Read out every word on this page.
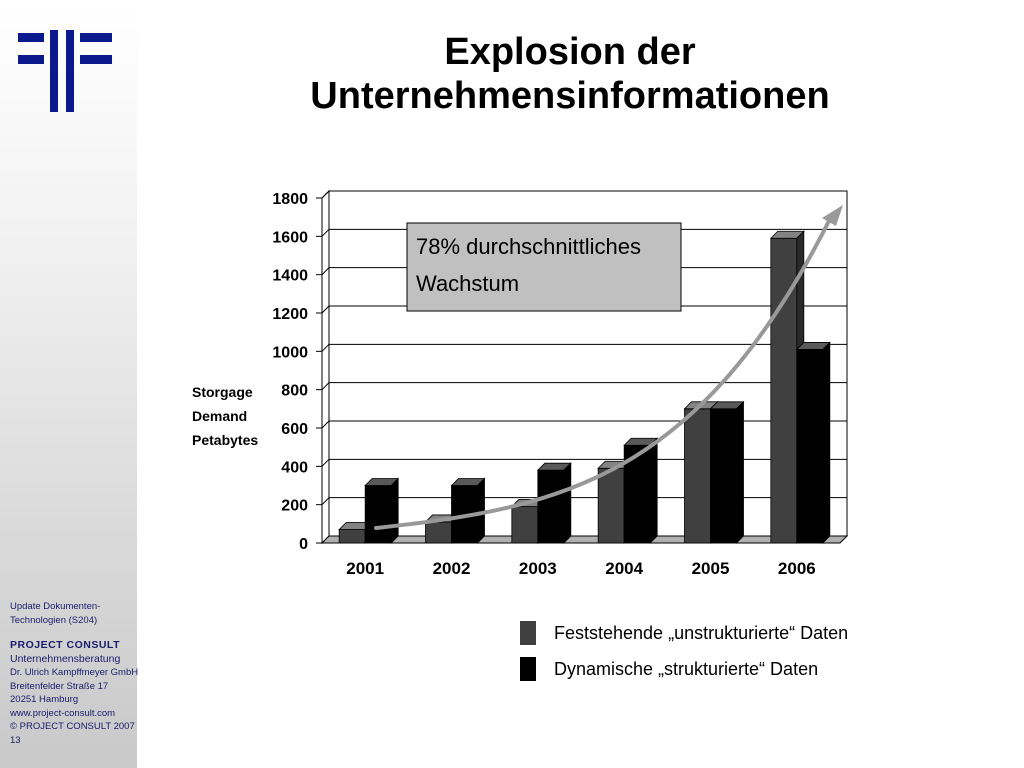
Update Dokumenten-
Technologien (S204)
PROJECT CONSULT
Unternehmensberatung
Dr. Ulrich Kampffmeyer GmbH
Breitenfelder Straße 17
20251 Hamburg
www.project-consult.com
© PROJECT CONSULT 2007
13
Explosion der
Unternehmensinformationen
Storgage
Demand
Petabytes
0
200
400
600
800
1000
1200
1400
1600
1800
2001	2002	2003	2004	2005	2006
78% durchschnittliches
Wachstum
Feststehende „unstrukturierte“ Daten
Dynamische „strukturierte“ Daten
